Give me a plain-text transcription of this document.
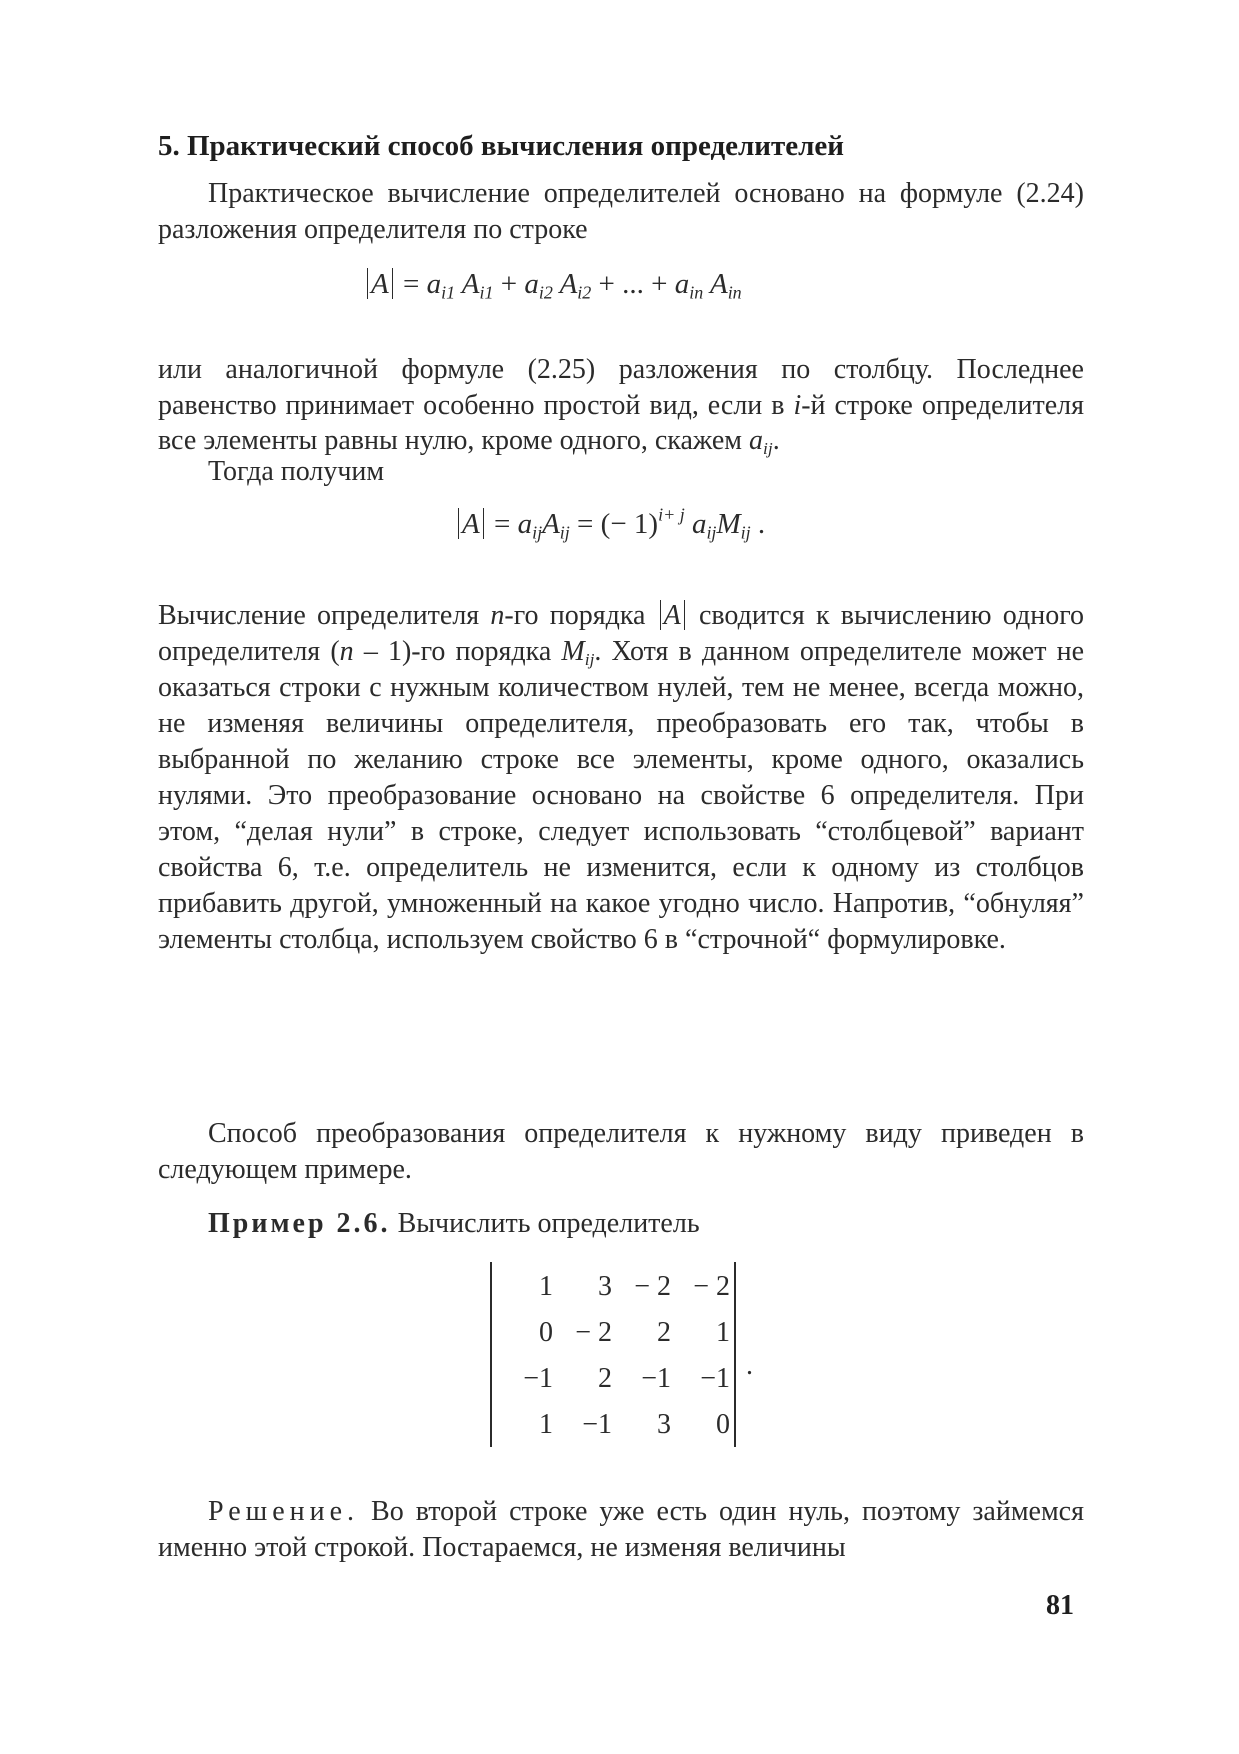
5. Практический способ вычисления определителей

Практическое вычисление определителей основано на формуле (2.24) разложения определителя по строке

$A = a_{i1}$ $A_{i1} + a_{i2}$ $A_{i2}$ + ... + $a_{in}$ $A_{in}$

или аналогичной формуле (2.25) разложения по столбцу. Последнее равенство принимает особенно простой вид, если в i-й строке определителя все элементы равны нулю, кроме одного, скажем $a_{ij}$.

Тогда получим

$A = a_{ij}A_{ij}$ = (− 1)$^{i+ j}$ $a_{ij}M_{ij}$ .

Вычисление определителя n-го порядка A сводится к вычислению одного определителя (n – 1)-го порядка $M_{ij}$. Хотя в данном определителе может не оказаться строки с нужным количеством нулей, тем не менее, всегда можно, не изменяя величины определителя, преобразовать его так, чтобы в выбранной по желанию строке все элементы, кроме одного, оказались нулями. Это преобразование основано на свойстве 6 определителя. При этом, “делая нули” в строке, следует использовать “столбцевой” вариант свойства 6, т.е. определитель не изменится, если к одному из столбцов прибавить другой, умноженный на какое угодно число. Напротив, “обнуляя” элементы столбца, используем свойство 6 в “строчной“ формулировке.

Способ преобразования определителя к нужному виду приведен в следующем примере.

Пример 2.6. Вычислить определитель

1	3	− 2	− 2
0	− 2	2	1
−1	2	−1	−1
1	−1	3	0
.

Решение. Во второй строке уже есть один нуль, поэтому займемся именно этой строкой. Постараемся, не изменяя величины

81
